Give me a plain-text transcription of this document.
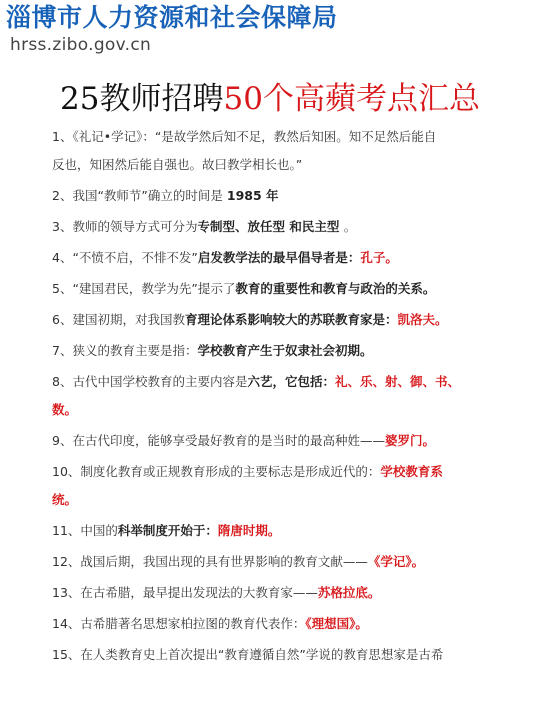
淄博市人力资源和社会保障局
hrss.zibo.gov.cn
25教师招聘50个高蘋考点汇总
1、《礼记•学记》：“是故学然后知不足，教然后知困。知不足然后能自
反也，知困然后能自强也。故曰教学相长也。”
2、我国“教师节”确立的时间是 1985 年
3、教师的领导方式可分为专制型、放任型 和民主型 。
4、“不愤不启，不悱不发”启发教学法的最早倡导者是：孔子。
5、“建国君民，教学为先”提示了教育的重要性和教育与政治的关系。
6、建国初期，对我国教育理论体系影响较大的苏联教育家是：凯洛夫。
7、狭义的教育主要是指：学校教育产生于奴隶社会初期。
8、古代中国学校教育的主要内容是六艺，它包括：礼、乐、射、御、书、
数。
9、在古代印度，能够享受最好教育的是当时的最高种姓——婆罗门。
10、制度化教育或正规教育形成的主要标志是形成近代的：学校教育系
统。
11、中国的科举制度开始于：隋唐时期。
12、战国后期，我国出现的具有世界影响的教育文献——《学记》。
13、在古希腊，最早提出发现法的大教育家——苏格拉底。
14、古希腊著名思想家柏拉图的教育代表作：《理想国》。
15、在人类教育史上首次提出“教育遵循自然”学说的教育思想家是古希
